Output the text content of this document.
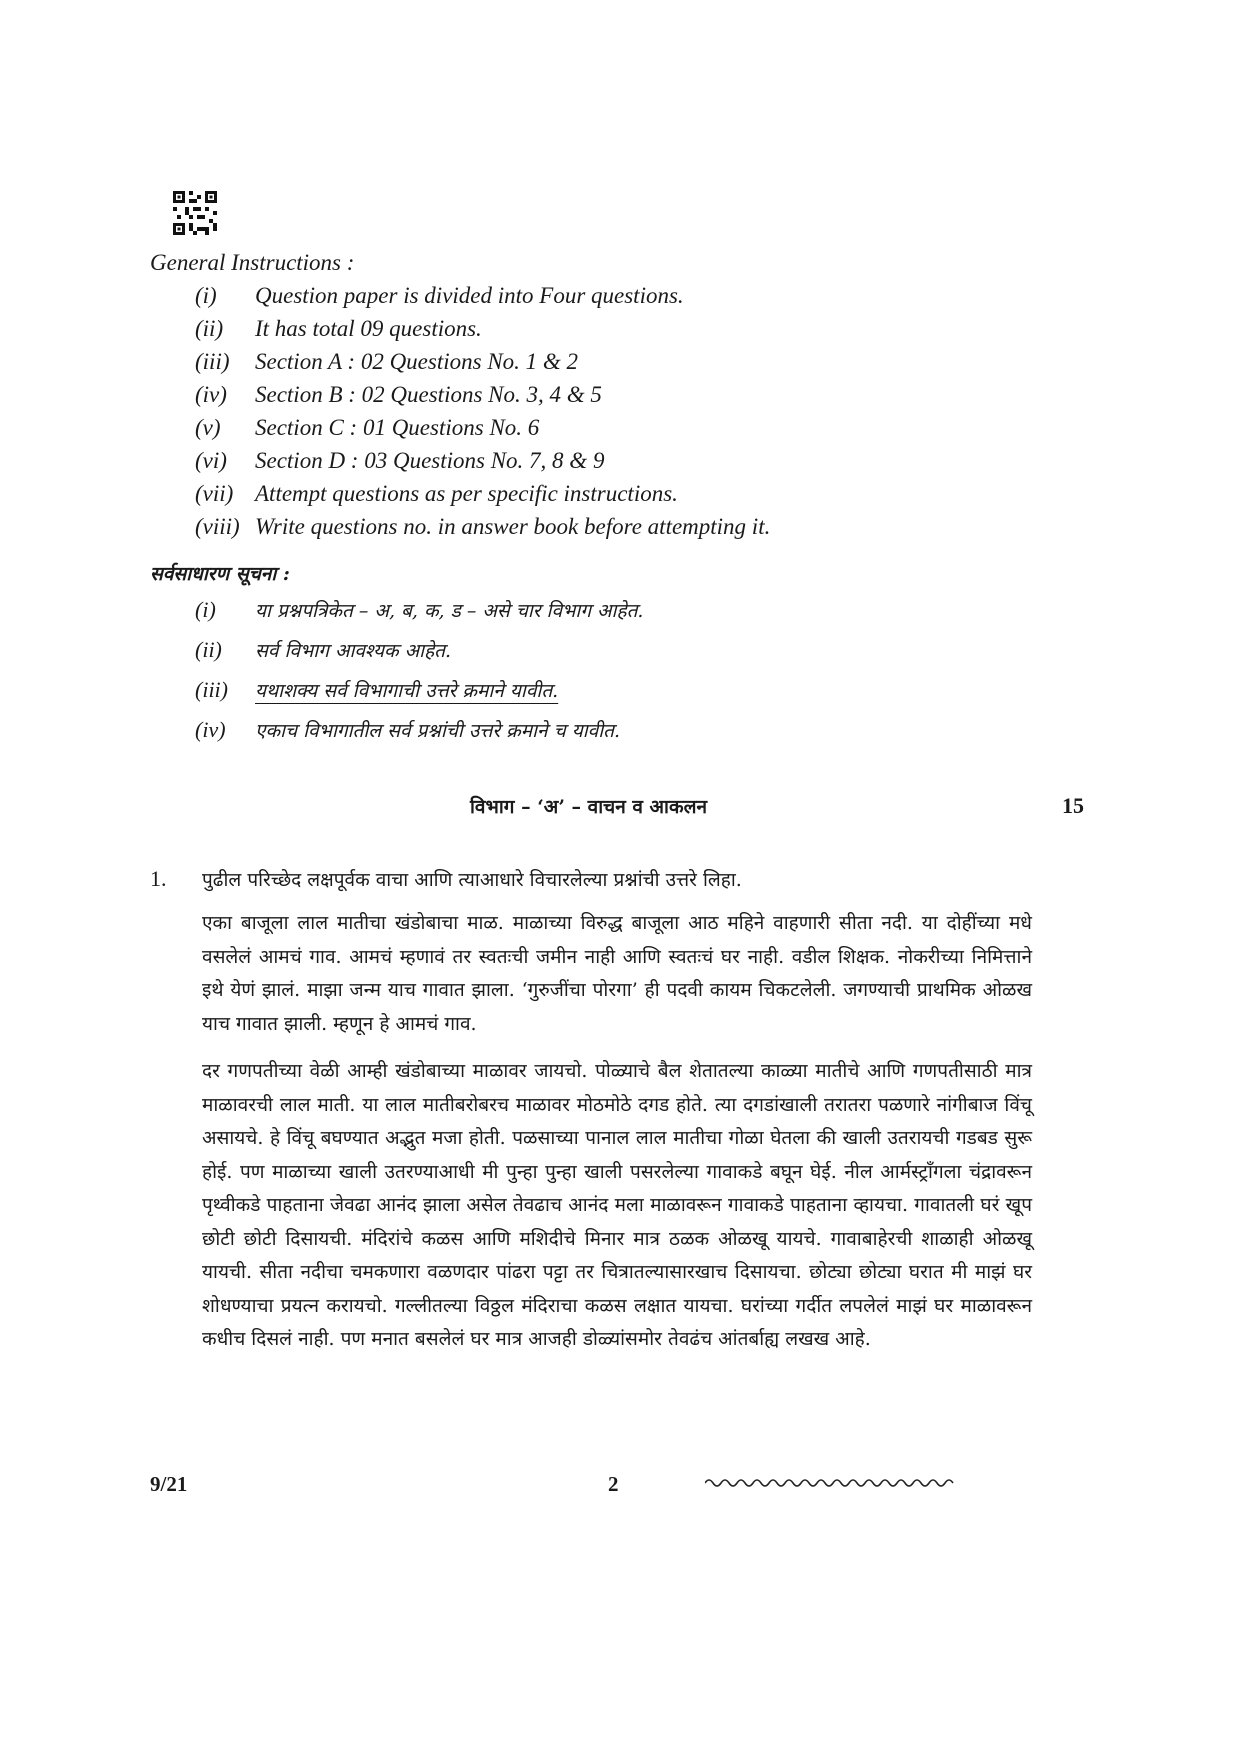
General Instructions :
(i)	Question paper is divided into Four questions.
(ii)	It has total 09 questions.
(iii)	Section A : 02 Questions No. 1 & 2
(iv)	Section B : 02 Questions No. 3, 4 & 5
(v)	Section C : 01 Questions No. 6
(vi)	Section D : 03 Questions No. 7, 8 & 9
(vii) Attempt questions as per specific instructions.
(viii) Write questions no. in answer book before attempting it.
सर्वसाधारण सूचना :
(i)	या प्रश्नपत्रिकेत – अ, ब, क, ड – असे चार विभाग आहेत.
(ii)	सर्व विभाग आवश्यक आहेत.
(iii)	यथाशक्य सर्व विभागाची उत्तरे क्रमाने यावीत.
(iv)	एकाच विभागातील सर्व प्रश्नांची उत्तरे क्रमाने च यावीत.
विभाग – ‘अ’ – वाचन व आकलन	15
1. पुढील परिच्छेद लक्षपूर्वक वाचा आणि त्याआधारे विचारलेल्या प्रश्नांची उत्तरे लिहा.

एका बाजूला लाल मातीचा खंडोबाचा माळ. माळाच्या विरुद्ध बाजूला आठ महिने वाहणारी सीता नदी. या दोहींच्या मधे वसलेलं आमचं गाव. आमचं म्हणावं तर स्वतःची जमीन नाही आणि स्वतःचं घर नाही. वडील शिक्षक. नोकरीच्या निमित्ताने इथे येणं झालं. माझा जन्म याच गावात झाला. ‘गुरुजींचा पोरगा’ ही पदवी कायम चिकटलेली. जगण्याची प्राथमिक ओळख याच गावात झाली. म्हणून हे आमचं गाव.

दर गणपतीच्या वेळी आम्ही खंडोबाच्या माळावर जायचो. पोळ्याचे बैल शेतातल्या काळ्या मातीचे आणि गणपतीसाठी मात्र माळावरची लाल माती. या लाल मातीबरोबरच माळावर मोठमोठे दगड होते. त्या दगडांखाली तरातरा पळणारे नांगीबाज विंचू असायचे. हे विंचू बघण्यात अद्भुत मजा होती. पळसाच्या पानाल लाल मातीचा गोळा घेतला की खाली उतरायची गडबड सुरू होई. पण माळाच्या खाली उतरण्याआधी मी पुन्हा पुन्हा खाली पसरलेल्या गावाकडे बघून घेई. नील आर्मस्ट्राँगला चंद्रावरून पृथ्वीकडे पाहताना जेवढा आनंद झाला असेल तेवढाच आनंद मला माळावरून गावाकडे पाहताना व्हायचा. गावातली घरं खूप छोटी छोटी दिसायची. मंदिरांचे कळस आणि मशिदीचे मिनार मात्र ठळक ओळखू यायचे. गावाबाहेरची शाळाही ओळखू यायची. सीता नदीचा चमकणारा वळणदार पांढरा पट्टा तर चित्रातल्यासारखाच दिसायचा. छोट्या छोट्या घरात मी माझं घर शोधण्याचा प्रयत्न करायचो. गल्लीतल्या विठ्ठल मंदिराचा कळस लक्षात यायचा. घरांच्या गर्दीत लपलेलं माझं घर माळावरून कधीच दिसलं नाही. पण मनात बसलेलं घर मात्र आजही डोळ्यांसमोर तेवढंच आंतर्बाह्य लखख आहे.

9/21	2
